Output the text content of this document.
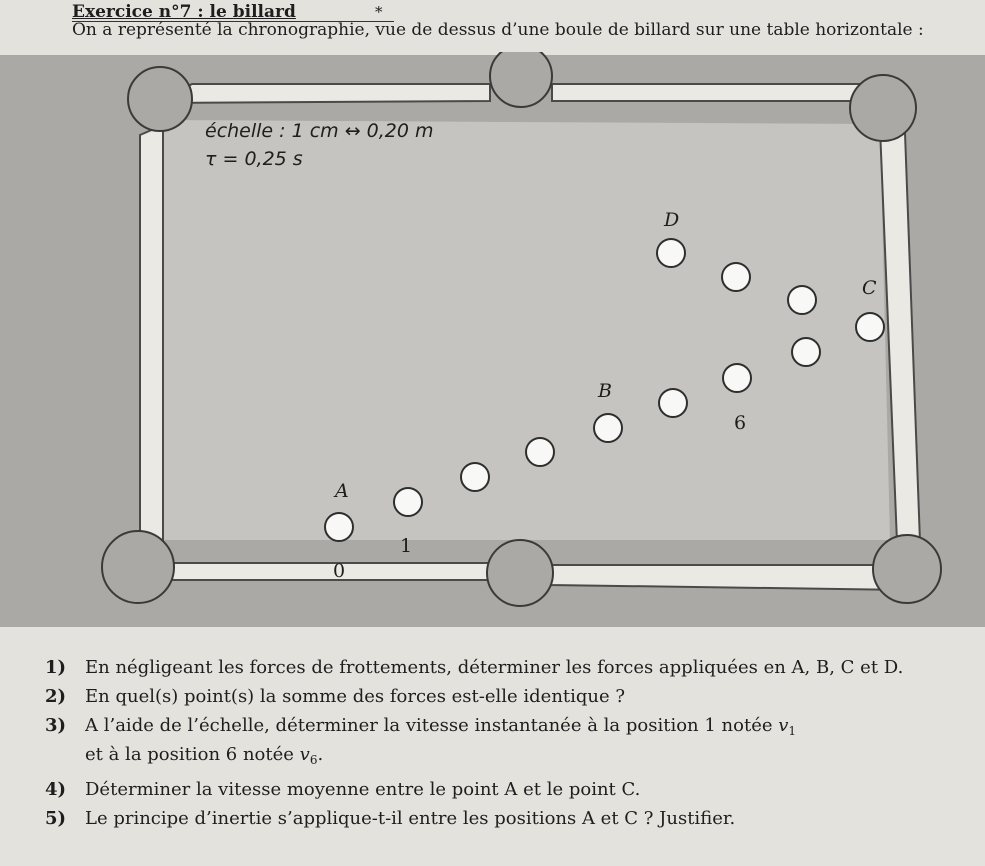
Exercice n°7 : le billard	*
On a représenté la chronographie, vue de dessus d’une boule de billard sur une table horizontale :
échelle : 1 cm ↔ 0,20 m
τ = 0,25 s
D
C
B
A
6
1
0
1) En négligeant les forces de frottements, déterminer les forces appliquées en A, B, C et D.
2) En quel(s) point(s) la somme des forces est-elle identique ?
3) A l’aide de l’échelle, déterminer la vitesse instantanée à la position 1 notée $v_1$
et à la position 6 notée $v_6$.
4) Déterminer la vitesse moyenne entre le point A et le point C.
5) Le principe d’inertie s’applique-t-il entre les positions A et C ? Justifier.
